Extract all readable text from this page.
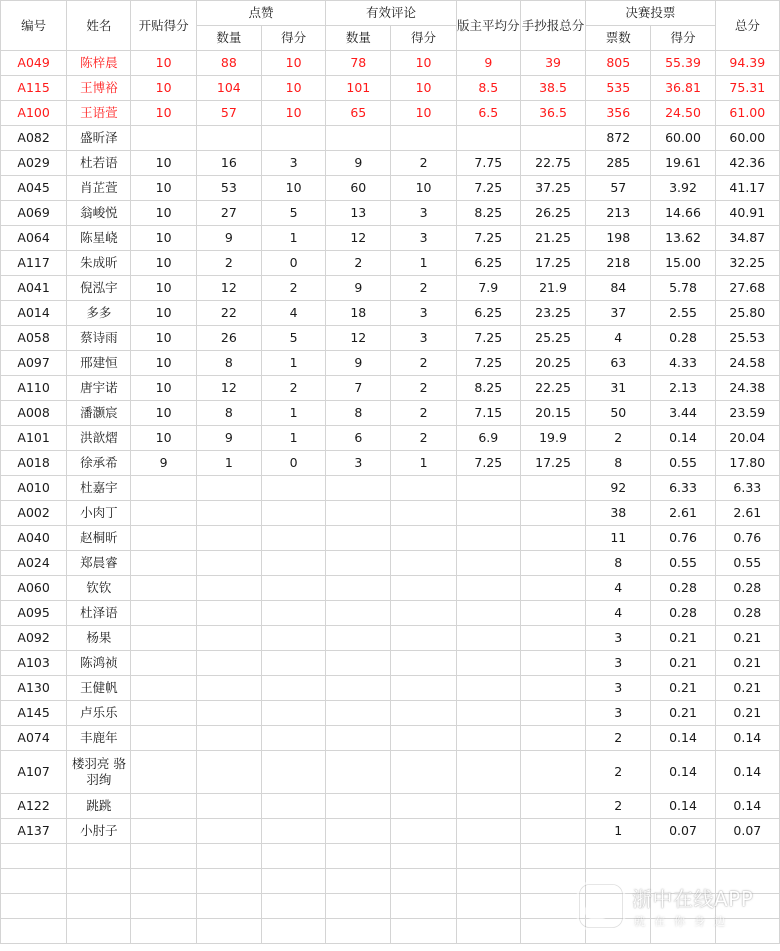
编号	姓名	开贴得分	点赞		有效评论		版主平均分	手抄报总分	决赛投票		总分
			数量	得分	数量	得分			票数	得分	
A049	陈梓晨	10	88	10	78	10	9	39	805	55.39	94.39
A115	王博裕	10	104	10	101	10	8.5	38.5	535	36.81	75.31
A100	王语萱	10	57	10	65	10	6.5	36.5	356	24.50	61.00
A082	盛昕泽								872	60.00	60.00
A029	杜若语	10	16	3	9	2	7.75	22.75	285	19.61	42.36
A045	肖芷萱	10	53	10	60	10	7.25	37.25	57	3.92	41.17
A069	翁峻悦	10	27	5	13	3	8.25	26.25	213	14.66	40.91
A064	陈星峣	10	9	1	12	3	7.25	21.25	198	13.62	34.87
A117	朱成昕	10	2	0	2	1	6.25	17.25	218	15.00	32.25
A041	倪泓宇	10	12	2	9	2	7.9	21.9	84	5.78	27.68
A014	多多	10	22	4	18	3	6.25	23.25	37	2.55	25.80
A058	蔡诗雨	10	26	5	12	3	7.25	25.25	4	0.28	25.53
A097	邢建恒	10	8	1	9	2	7.25	20.25	63	4.33	24.58
A110	唐宇诺	10	12	2	7	2	8.25	22.25	31	2.13	24.38
A008	潘灏宸	10	8	1	8	2	7.15	20.15	50	3.44	23.59
A101	洪歆熠	10	9	1	6	2	6.9	19.9	2	0.14	20.04
A018	徐承希	9	1	0	3	1	7.25	17.25	8	0.55	17.80
A010	杜嘉宇								92	6.33	6.33
A002	小肉丁								38	2.61	2.61
A040	赵桐昕								11	0.76	0.76
A024	郑晨睿								8	0.55	0.55
A060	钦钦								4	0.28	0.28
A095	杜泽语								4	0.28	0.28
A092	杨果								3	0.21	0.21
A103	陈鸿祯								3	0.21	0.21
A130	王健帆								3	0.21	0.21
A145	卢乐乐								3	0.21	0.21
A074	丰鹿年								2	0.14	0.14
A107	楼羽亮 骆羽绚								2	0.14	0.14
A122	跳跳								2	0.14	0.14
A137	小肘子								1	0.07	0.07

zjzx 浙中在线APP
就在你身边
